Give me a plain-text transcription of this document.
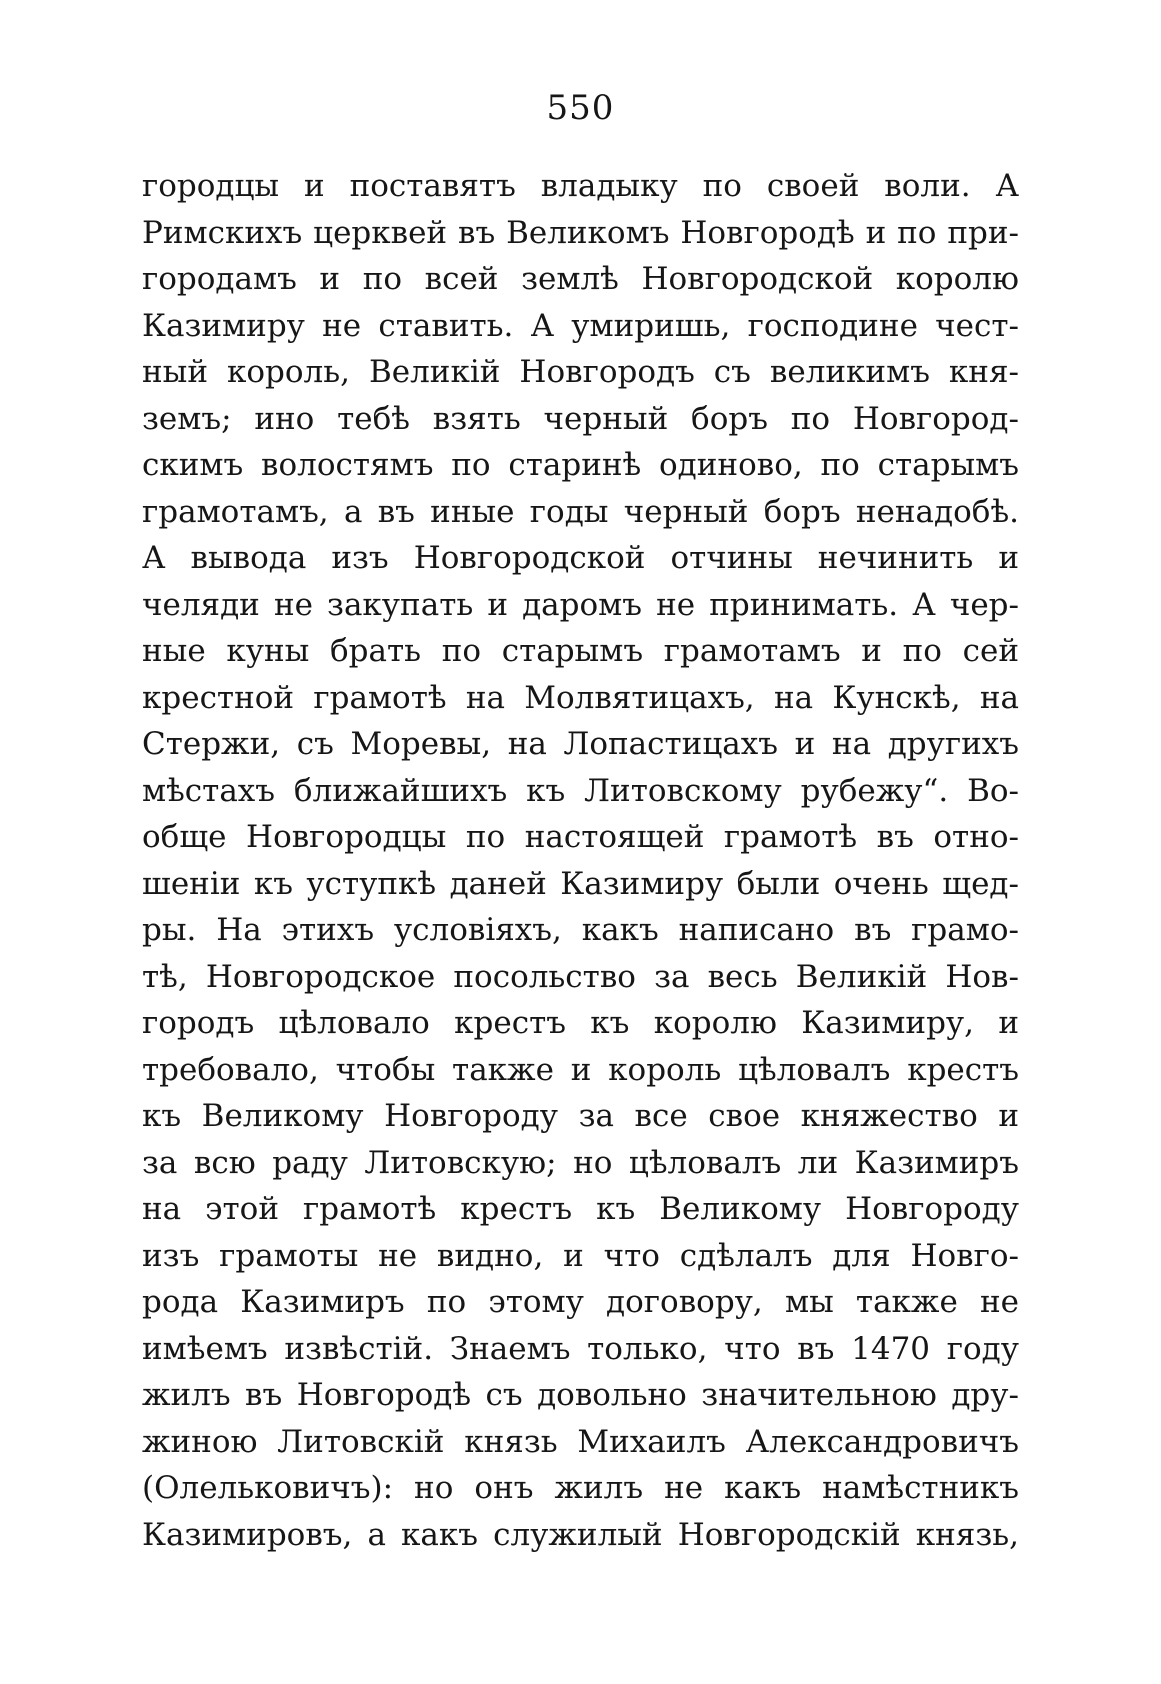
550
городцы и поставятъ владыку по своей воли. А
Римскихъ церквей въ Великомъ Новгородѣ и по при-
городамъ и по всей землѣ Новгородской королю
Казимиру не ставить. А умиришь, господине чест-
ный король, Великій Новгородъ съ великимъ кня-
земъ; ино тебѣ взять черный боръ по Новгород-
скимъ волостямъ по старинѣ одиново, по старымъ
грамотамъ, а въ иные годы черный боръ ненадобѣ.
А вывода изъ Новгородской отчины нечинить и
челяди не закупать и даромъ не принимать. А чер-
ные куны брать по старымъ грамотамъ и по сей
крестной грамотѣ на Молвятицахъ, на Кунскѣ, на
Стержи, съ Моревы, на Лопастицахъ и на другихъ
мѣстахъ ближайшихъ къ Литовскому рубежу“. Во-
обще Новгородцы по настоящей грамотѣ въ отно-
шеніи къ уступкѣ даней Казимиру были очень щед-
ры. На этихъ условіяхъ, какъ написано въ грамо-
тѣ, Новгородское посольство за весь Великій Нов-
городъ цѣловало крестъ къ королю Казимиру, и
требовало, чтобы также и король цѣловалъ крестъ
къ Великому Новгороду за все свое княжество и
за всю раду Литовскую; но цѣловалъ ли Казимиръ
на этой грамотѣ крестъ къ Великому Новгороду
изъ грамоты не видно, и что сдѣлалъ для Новго-
рода Казимиръ по этому договору, мы также не
имѣемъ извѣстій. Знаемъ только, что въ 1470 году
жилъ въ Новгородѣ съ довольно значительною дру-
жиною Литовскій князь Михаилъ Александровичъ
(Олельковичъ): но онъ жилъ не какъ намѣстникъ
Казимировъ, а какъ служилый Новгородскій князь,
